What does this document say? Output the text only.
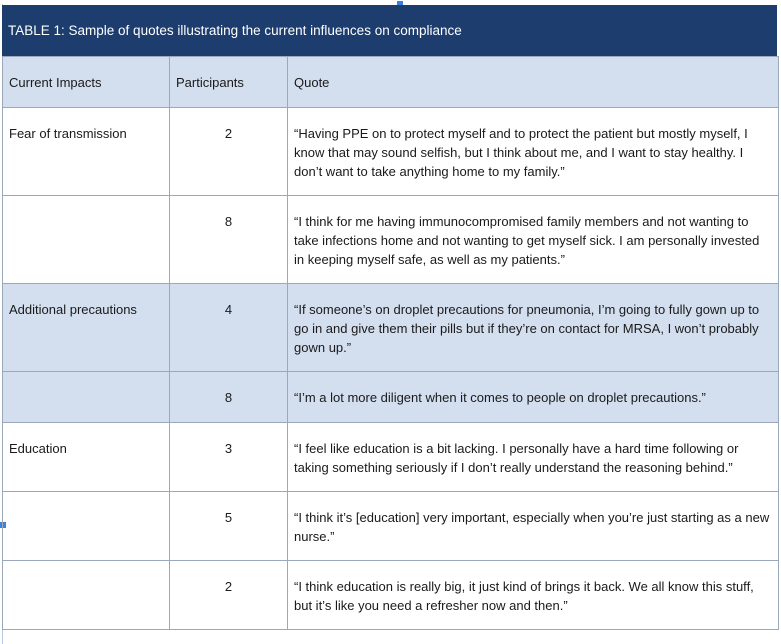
TABLE 1: Sample of quotes illustrating the current influences on compliance
Current Impacts	Participants	Quote
Fear of transmission	2	“Having PPE on to protect myself and to protect the patient but mostly myself, I know that may sound selfish, but I think about me, and I want to stay healthy. I don’t want to take anything home to my family.”
	8	“I think for me having immunocompromised family members and not wanting to take infections home and not wanting to get myself sick. I am personally invested in keeping myself safe, as well as my patients.”
Additional precautions	4	“If someone’s on droplet precautions for pneumonia, I’m going to fully gown up to go in and give them their pills but if they’re on contact for MRSA, I won’t probably gown up.”
	8	“I’m a lot more diligent when it comes to people on droplet precautions.”
Education	3	“I feel like education is a bit lacking. I personally have a hard time following or taking something seriously if I don’t really understand the reasoning behind.”
	5	“I think it’s [education] very important, especially when you’re just starting as a new nurse.”
	2	“I think education is really big, it just kind of brings it back. We all know this stuff, but it’s like you need a refresher now and then.”
